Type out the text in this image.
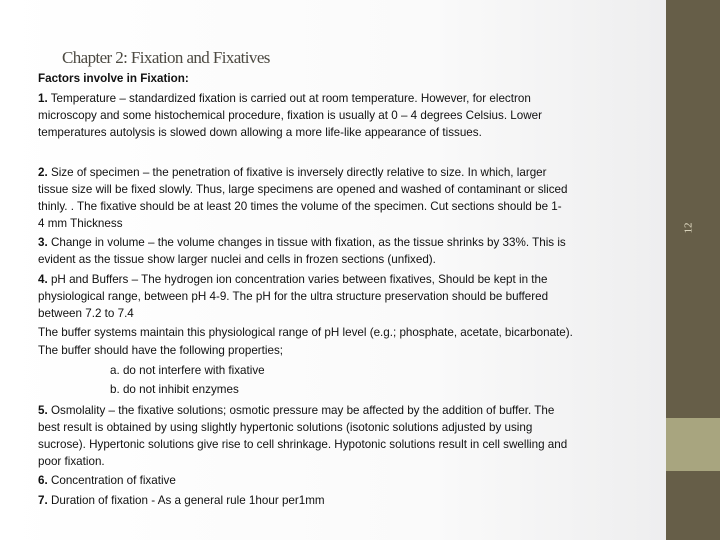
12
Chapter 2: Fixation and Fixatives
Factors involve in Fixation:
1. Temperature – standardized fixation is carried out at room temperature. However, for electron
microscopy and some histochemical procedure, fixation is usually at 0 – 4 degrees Celsius. Lower
temperatures autolysis is slowed down allowing a more life-like appearance of tissues.
2. Size of specimen – the penetration of fixative is inversely directly relative to size. In which, larger
tissue size will be fixed slowly. Thus, large specimens are opened and washed of contaminant or sliced
thinly. . The fixative should be at least 20 times the volume of the specimen. Cut sections should be 1-
4 mm Thickness
3. Change in volume – the volume changes in tissue with fixation, as the tissue shrinks by 33%. This is
evident as the tissue show larger nuclei and cells in frozen sections (unfixed).
4. pH and Buffers – The hydrogen ion concentration varies between fixatives, Should be kept in the
physiological range, between pH 4-9. The pH for the ultra structure preservation should be buffered
between 7.2 to 7.4
The buffer systems maintain this physiological range of pH level (e.g.; phosphate, acetate, bicarbonate).
The buffer should have the following properties;
a. do not interfere with fixative
b. do not inhibit enzymes
5. Osmolality – the fixative solutions; osmotic pressure may be affected by the addition of buffer. The
best result is obtained by using slightly hypertonic solutions (isotonic solutions adjusted by using
sucrose). Hypertonic solutions give rise to cell shrinkage. Hypotonic solutions result in cell swelling and
poor fixation.
6. Concentration of fixative
7. Duration of fixation - As a general rule 1hour per1mm
